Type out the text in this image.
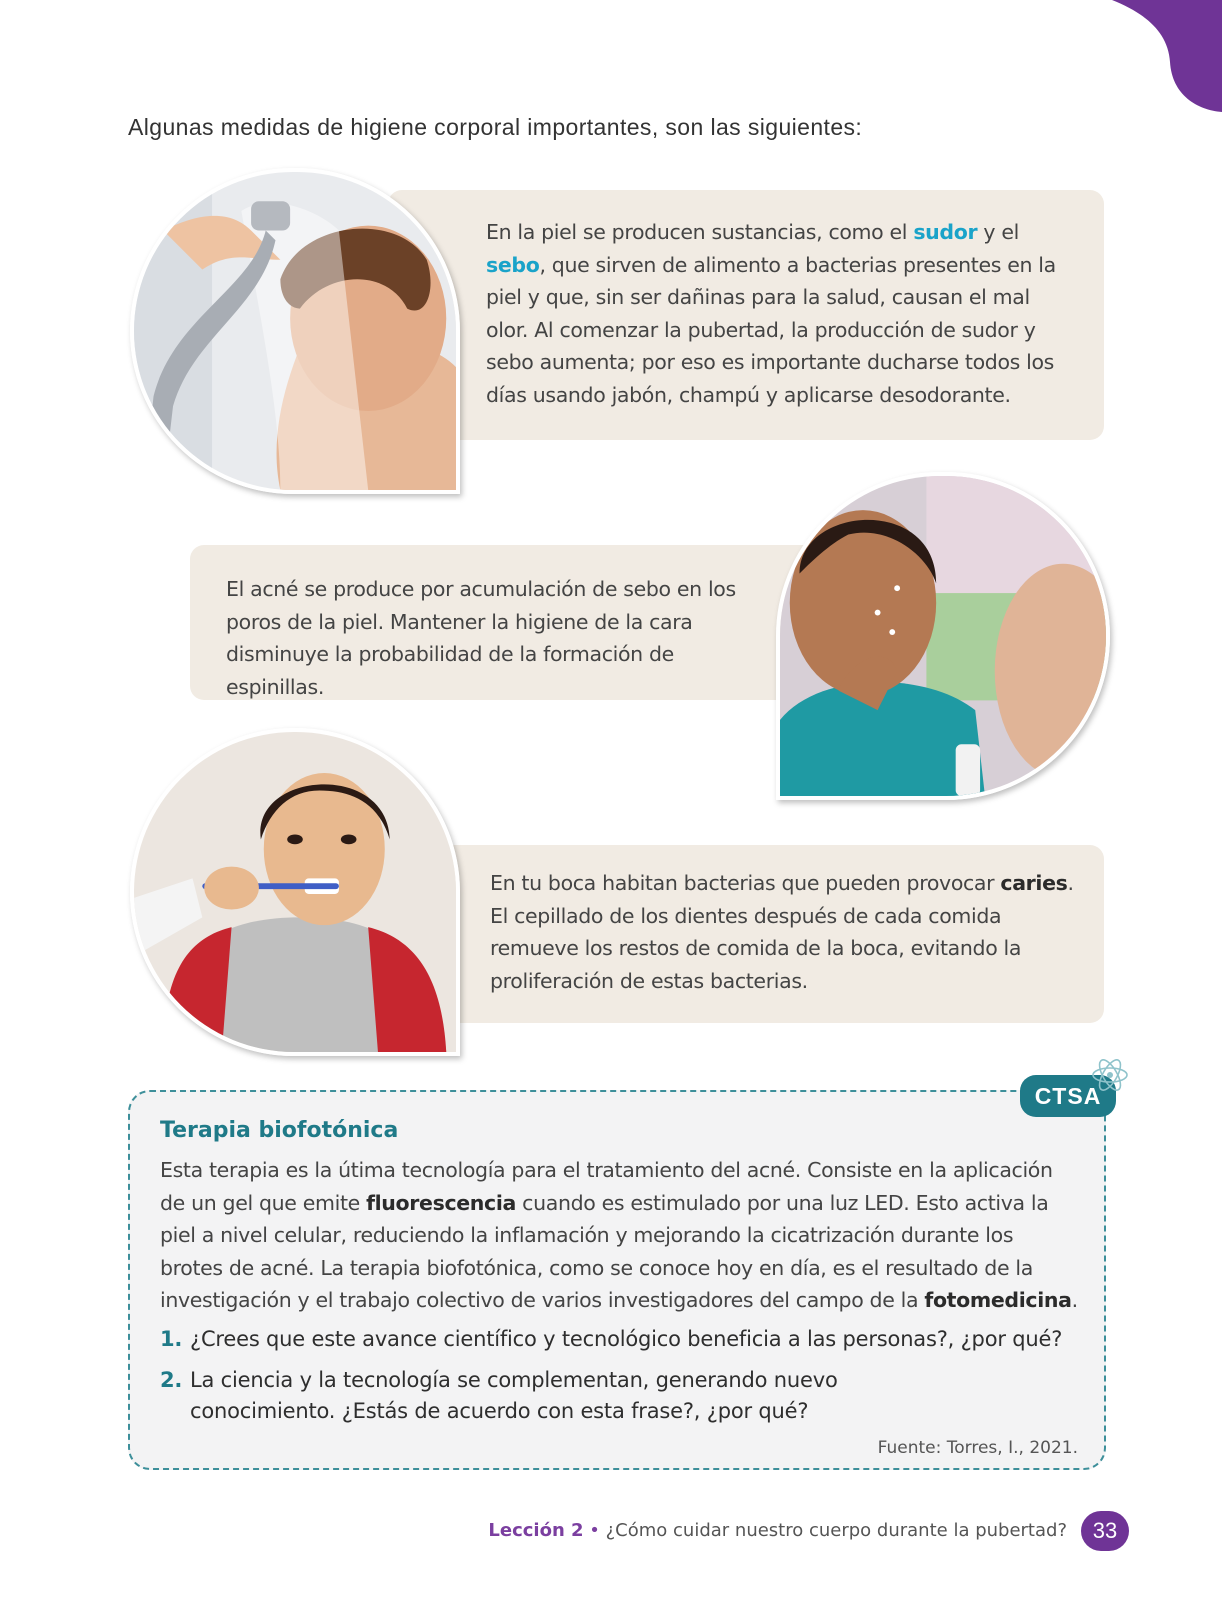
Algunas medidas de higiene corporal importantes, son las siguientes:

En la piel se producen sustancias, como el sudor y el sebo, que sirven de alimento a bacterias presentes en la piel y que, sin ser dañinas para la salud, causan el mal olor. Al comenzar la pubertad, la producción de sudor y sebo aumenta; por eso es importante ducharse todos los días usando jabón, champú y aplicarse desodorante.

El acné se produce por acumulación de sebo en los poros de la piel. Mantener la higiene de la cara disminuye la probabilidad de la formación de espinillas.

En tu boca habitan bacterias que pueden provocar caries. El cepillado de los dientes después de cada comida remueve los restos de comida de la boca, evitando la proliferación de estas bacterias.

Terapia biofotónica

Esta terapia es la útima tecnología para el tratamiento del acné. Consiste en la aplicación de un gel que emite fluorescencia cuando es estimulado por una luz LED. Esto activa la piel a nivel celular, reduciendo la inflamación y mejorando la cicatrización durante los brotes de acné. La terapia biofotónica, como se conoce hoy en día, es el resultado de la investigación y el trabajo colectivo de varios investigadores del campo de la fotomedicina.

1. ¿Crees que este avance científico y tecnológico beneficia a las personas?, ¿por qué?
2. La ciencia y la tecnología se complementan, generando nuevo conocimiento. ¿Estás de acuerdo con esta frase?, ¿por qué?
Fuente: Torres, I., 2021.
CTSA
Lección 2 • ¿Cómo cuidar nuestro cuerpo durante la pubertad?	33
